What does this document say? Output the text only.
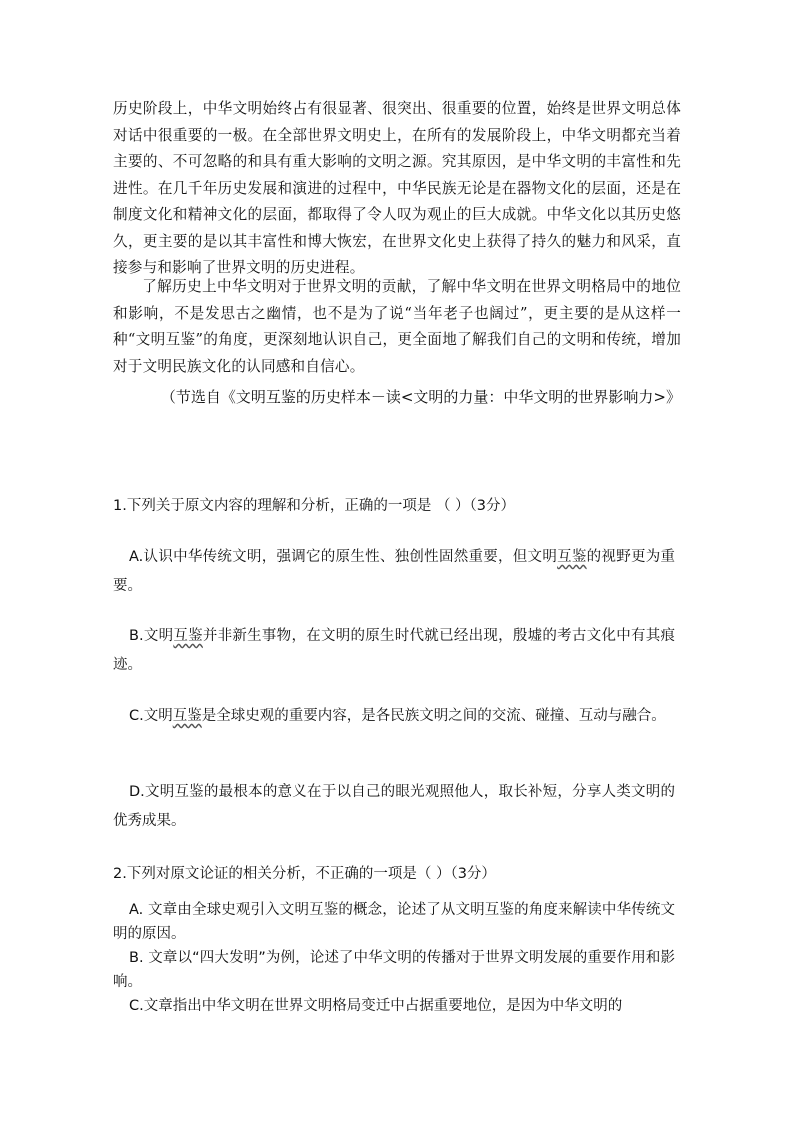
历史阶段上，中华文明始终占有很显著、很突出、很重要的位置，始终是世界文明总体对话中很重要的一极。在全部世界文明史上，在所有的发展阶段上，中华文明都充当着主要的、不可忽略的和具有重大影响的文明之源。究其原因，是中华文明的丰富性和先进性。在几千年历史发展和演进的过程中，中华民族无论是在器物文化的层面，还是在制度文化和精神文化的层面，都取得了令人叹为观止的巨大成就。中华文化以其历史悠久，更主要的是以其丰富性和博大恢宏，在世界文化史上获得了持久的魅力和风采，直接参与和影响了世界文明的历史进程。

了解历史上中华文明对于世界文明的贡献，了解中华文明在世界文明格局中的地位和影响，不是发思古之幽情，也不是为了说“当年老子也阔过”，更主要的是从这样一种“文明互鉴”的角度，更深刻地认识自己，更全面地了解我们自己的文明和传统，增加对于文明民族文化的认同感和自信心。

（节选自《文明互鉴的历史样本－读<文明的力量：中华文明的世界影响力>》

1.下列关于原文内容的理解和分析，正确的一项是 （ ）（3分）

A.认识中华传统文明，强调它的原生性、独创性固然重要，但文明互鉴的视野更为重要。

B.文明互鉴并非新生事物，在文明的原生时代就已经出现，殷墟的考古文化中有其痕迹。

C.文明互鉴是全球史观的重要内容，是各民族文明之间的交流、碰撞、互动与融合。

D.文明互鉴的最根本的意义在于以自己的眼光观照他人，取长补短，分享人类文明的优秀成果。

2.下列对原文论证的相关分析，不正确的一项是（ ）（3分）

A. 文章由全球史观引入文明互鉴的概念，论述了从文明互鉴的角度来解读中华传统文明的原因。

B. 文章以“四大发明”为例，论述了中华文明的传播对于世界文明发展的重要作用和影响。

C.文章指出中华文明在世界文明格局变迁中占据重要地位，是因为中华文明的
